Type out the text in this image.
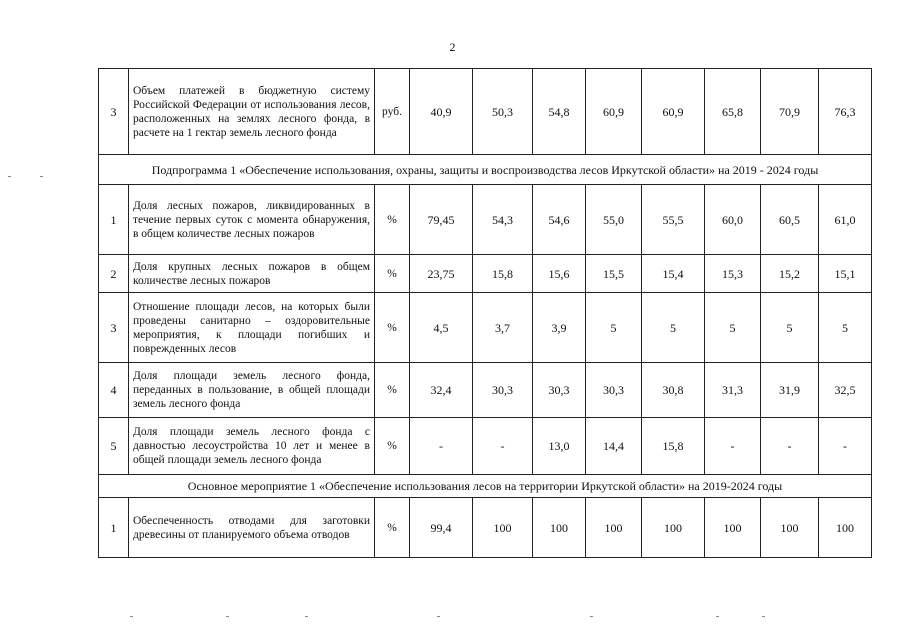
2
3	Объем платежей в бюджетную систему Российской Федерации от использования лесов, расположенных на землях лесного фонда, в расчете на 1 гектар земель лесного фонда	руб.	40,9	50,3	54,8	60,9	60,9	65,8	70,9	76,3
Подпрограмма 1 «Обеспечение использования, охраны, защиты и воспроизводства лесов Иркутской области» на 2019 - 2024 годы										
1	Доля лесных пожаров, ликвидированных в течение первых суток с момента обнаружения, в общем количестве лесных пожаров	%	79,45	54,3	54,6	55,0	55,5	60,0	60,5	61,0
2	Доля крупных лесных пожаров в общем количестве лесных пожаров	%	23,75	15,8	15,6	15,5	15,4	15,3	15,2	15,1
3	Отношение площади лесов, на которых были проведены санитарно – оздоровительные мероприятия, к площади погибших и поврежденных лесов	%	4,5	3,7	3,9	5	5	5	5	5
4	Доля площади земель лесного фонда, переданных в пользование, в общей площади земель лесного фонда	%	32,4	30,3	30,3	30,3	30,8	31,3	31,9	32,5
5	Доля площади земель лесного фонда с давностью лесоустройства 10 лет и менее в общей площади земель лесного фонда	%	-	-	13,0	14,4	15,8	-	-	-
Основное мероприятие 1 «Обеспечение использования лесов на территории Иркутской области» на 2019-2024 годы										
1	Обеспеченность отводами для заготовки древесины от планируемого объема отводов	%	99,4	100	100	100	100	100	100	100
